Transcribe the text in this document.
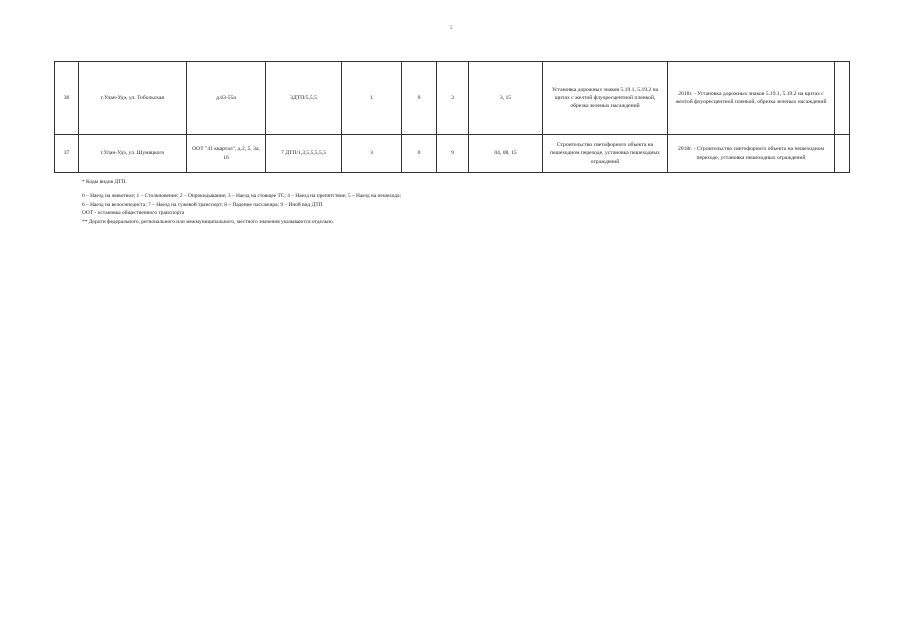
5
36	г.Улан-Удэ, ул. Тобольская	д.63-55а	3ДТП/5,5,5	1	0	3	3, 15	Установка дорожных знаков 5.19.1, 5.19.2 на щитах с желтой флуоресцентной пленкой, обрезка зеленых насаждений	2018г. - Установка дорожных знаков 5.19.1, 5.19.2 на щитах с желтой флуоресцентной пленкой, обрезка зеленых насаждений	
37	г.Улан-Удэ, ул. Шумяцкого	ООТ "41 квартал", д.2, 5, 3а, 16	7 ДТП/1,3,5,5,5,5,5	3	0	9	04, 08, 15	Строительство светофорного объекта на пешеходном переходе, установка пешеходных ограждений	2018г. - Строительство светофорного объекта на пешеходном переходе, установка пешеходных ограждений	
* Коды видов ДТП.
0 – Наезд на животное; 1 – Столкновение; 2 – Опрокидывание; 3 – Наезд на стоящее ТС; 4 – Наезд на препятствие; 5 – Наезд на пешехода;
6 – Наезд на велосипедиста; 7 – Наезд на гужевой транспорт; 8 – Падение пассажира; 9 – Иной вид ДТП
ООТ - остановка общественного транспорта
** Дороги федерального, регионального или межмуниципального, местного значения указываются отдельно.
